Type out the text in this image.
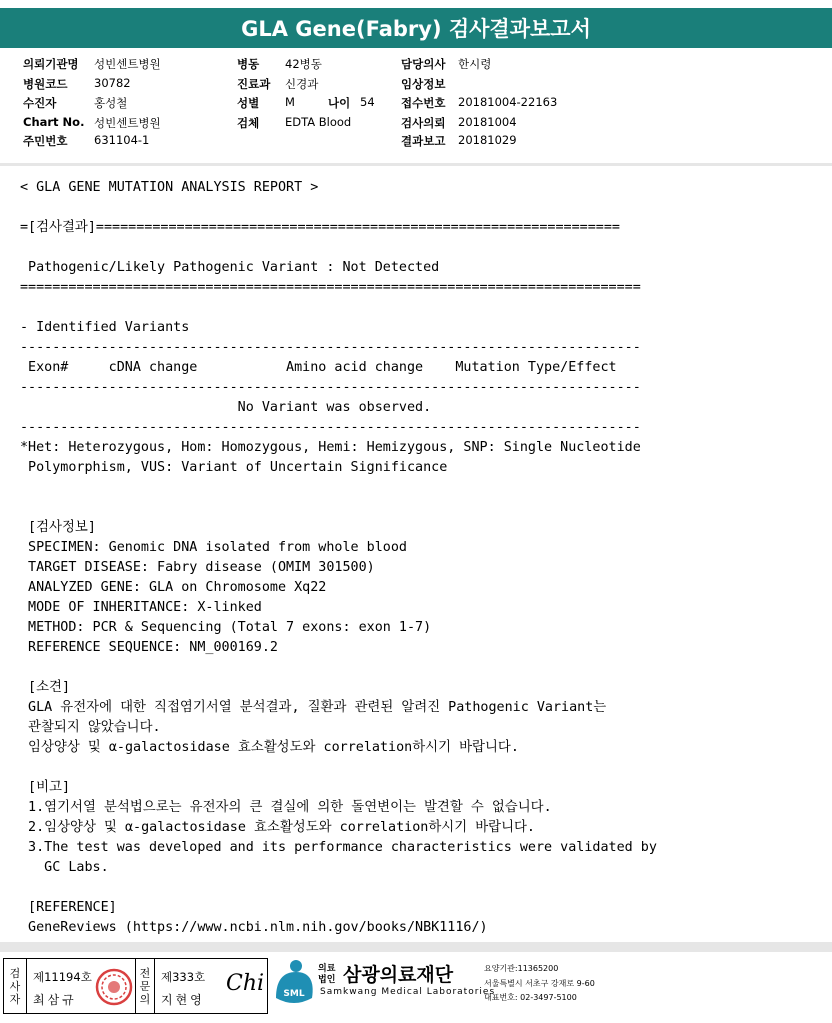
GLA Gene(Fabry) 검사결과보고서
의뢰기관명 성빈센트병원	병동 42병동	담당의사 한시령
병원코드 30782	진료과 신경과	임상정보
수진자	홍성철	성별 M	나이 54 접수번호 20181004-22163
Chart No. 성빈센트병원	검체 EDTA Blood	검사의뢰 20181004
주민번호 631104-1	결과보고 20181029
< GLA GENE MUTATION ANALYSIS REPORT >
=[검사결과]=================================================================
Pathogenic/Likely Pathogenic Variant : Not Detected
=============================================================================
- Identified Variants
-----------------------------------------------------------------------------
Exon#     cDNA change           Amino acid change    Mutation Type/Effect
-----------------------------------------------------------------------------
No Variant was observed.
-----------------------------------------------------------------------------
*Het: Heterozygous, Hom: Homozygous, Hemi: Hemizygous, SNP: Single Nucleotide
Polymorphism, VUS: Variant of Uncertain Significance
[검사정보]
SPECIMEN: Genomic DNA isolated from whole blood
TARGET DISEASE: Fabry disease (OMIM 301500)
ANALYZED GENE: GLA on Chromosome Xq22
MODE OF INHERITANCE: X-linked
METHOD: PCR & Sequencing (Total 7 exons: exon 1-7)
REFERENCE SEQUENCE: NM_000169.2
[소견]
GLA 유전자에 대한 직접염기서열 분석결과, 질환과 관련된 알려진 Pathogenic Variant는
관찰되지 않았습니다.
임상양상 및 α-galactosidase 효소활성도와 correlation하시기 바랍니다.
[비고]
1.염기서열 분석법으로는 유전자의 큰 결실에 의한 돌연변이는 발견할 수 없습니다.
2.임상양상 및 α-galactosidase 효소활성도와 correlation하시기 바랍니다.
3.The test was developed and its performance characteristics were validated by
GC Labs.
[REFERENCE]
GeneReviews (https://www.ncbi.nlm.nih.gov/books/NBK1116/)
검
사
자
제11194호
최삼규
전
문
의
제333호
지현영
Chi SML
의료
법인 삼광의료재단
Samkwang Medical Laboratories
요양기관:11365200
서울특별시 서초구 강재로 9-60
대표번호: 02-3497-5100
